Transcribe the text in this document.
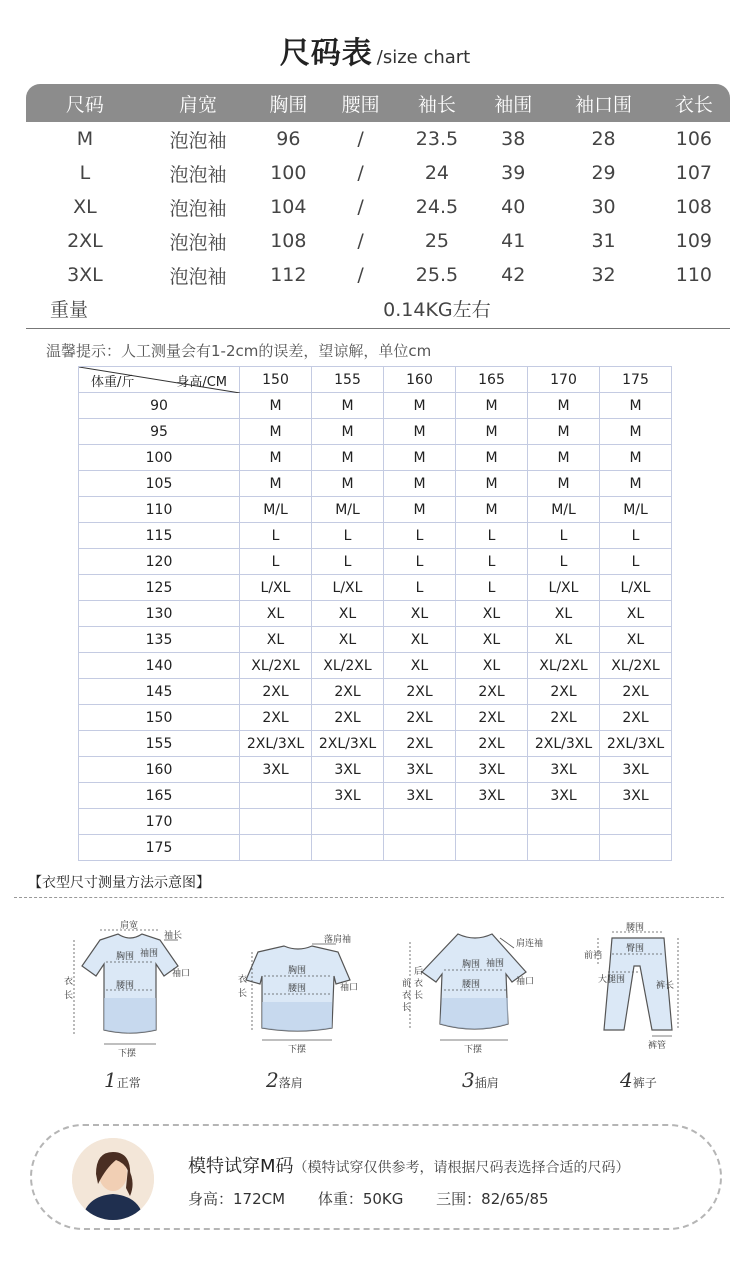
尺码表 /size chart
尺码	肩宽	胸围	腰围	袖长	袖围	袖口围	衣长
M	泡泡袖	96	/	23.5	38	28	106
L	泡泡袖	100	/	24	39	29	107
XL	泡泡袖	104	/	24.5	40	30	108
2XL	泡泡袖	108	/	25	41	31	109
3XL	泡泡袖	112	/	25.5	42	32	110
重量	0.14KG左右						
温馨提示：人工测量会有1-2cm的误差，望谅解，单位cm
体重/斤 身高/CM	150	155	160	165	170	175
90	M	M	M	M	M	M
95	M	M	M	M	M	M
100	M	M	M	M	M	M
105	M	M	M	M	M	M
110	M/L	M/L	M	M	M/L	M/L
115	L	L	L	L	L	L
120	L	L	L	L	L	L
125	L/XL	L/XL	L	L	L/XL	L/XL
130	XL	XL	XL	XL	XL	XL
135	XL	XL	XL	XL	XL	XL
140	XL/2XL	XL/2XL	XL	XL	XL/2XL	XL/2XL
145	2XL	2XL	2XL	2XL	2XL	2XL
150	2XL	2XL	2XL	2XL	2XL	2XL
155	2XL/3XL	2XL/3XL	2XL	2XL	2XL/3XL	2XL/3XL
160	3XL	3XL	3XL	3XL	3XL	3XL
165		3XL	3XL	3XL	3XL	3XL
170						
175						
【衣型尺寸测量方法示意图】
肩宽
袖长
胸围
腰围
衣
长
袖围
袖口
下摆
1正常
落肩袖
胸围
腰围
衣
长
袖口
下摆
2落肩
肩连袖
胸围
腰围
后
衣
长
前
衣
长
袖围
袖口
下摆
3插肩
腰围
臀围
大腿围
前裆
裤长
裤管
4裤子
模特试穿M码（模特试穿仅供参考，请根据尺码表选择合适的尺码）
身高：172CM 体重：50KG 三围：82/65/85
